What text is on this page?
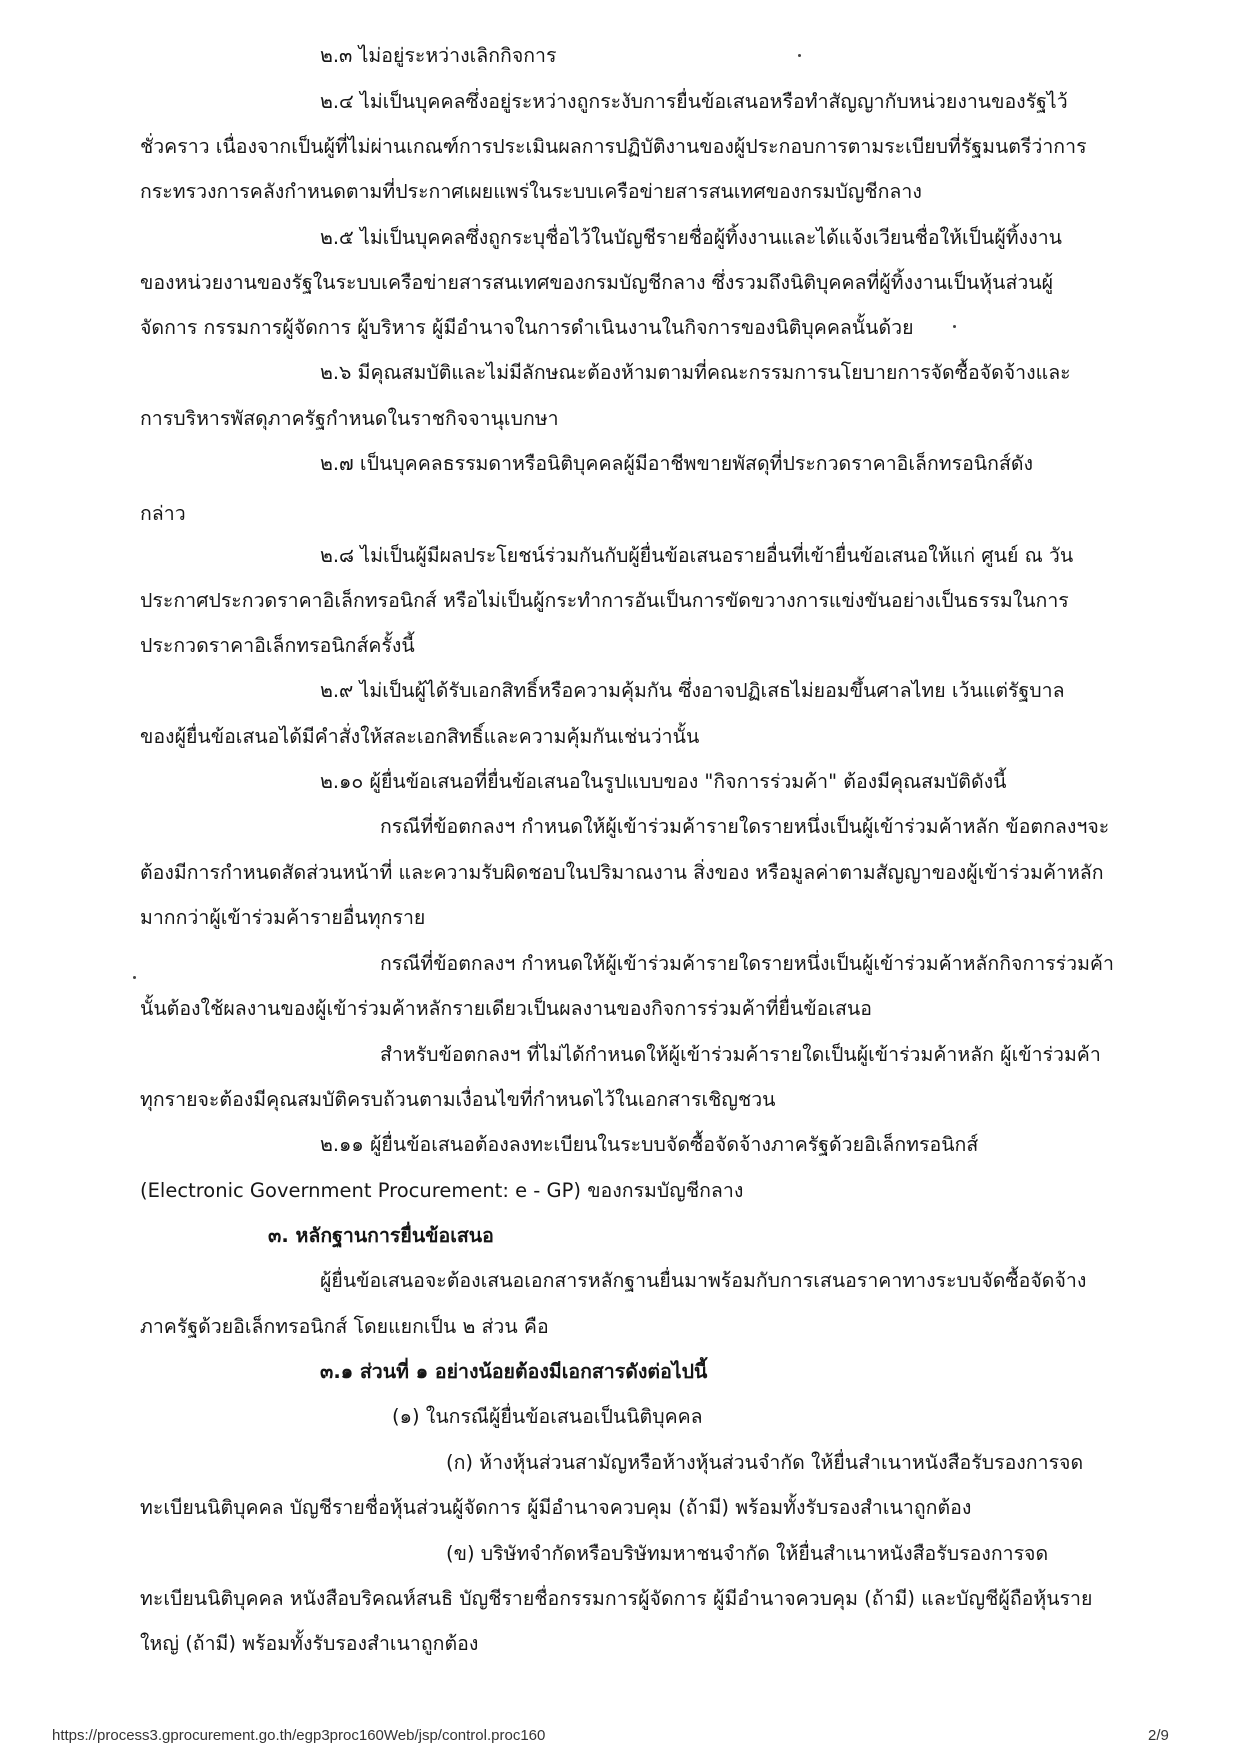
๒.๓ ไม่อยู่ระหว่างเลิกกิจการ
๒.๔ ไม่เป็นบุคคลซึ่งอยู่ระหว่างถูกระงับการยื่นข้อเสนอหรือทำสัญญากับหน่วยงานของรัฐไว้
ชั่วคราว เนื่องจากเป็นผู้ที่ไม่ผ่านเกณฑ์การประเมินผลการปฏิบัติงานของผู้ประกอบการตามระเบียบที่รัฐมนตรีว่าการ
กระทรวงการคลังกำหนดตามที่ประกาศเผยแพร่ในระบบเครือข่ายสารสนเทศของกรมบัญชีกลาง
๒.๕ ไม่เป็นบุคคลซึ่งถูกระบุชื่อไว้ในบัญชีรายชื่อผู้ทิ้งงานและได้แจ้งเวียนชื่อให้เป็นผู้ทิ้งงาน
ของหน่วยงานของรัฐในระบบเครือข่ายสารสนเทศของกรมบัญชีกลาง ซึ่งรวมถึงนิติบุคคลที่ผู้ทิ้งงานเป็นหุ้นส่วนผู้
จัดการ กรรมการผู้จัดการ ผู้บริหาร ผู้มีอำนาจในการดำเนินงานในกิจการของนิติบุคคลนั้นด้วย
๒.๖ มีคุณสมบัติและไม่มีลักษณะต้องห้ามตามที่คณะกรรมการนโยบายการจัดซื้อจัดจ้างและ
การบริหารพัสดุภาครัฐกำหนดในราชกิจจานุเบกษา
๒.๗ เป็นบุคคลธรรมดาหรือนิติบุคคลผู้มีอาชีพขายพัสดุที่ประกวดราคาอิเล็กทรอนิกส์ดัง
กล่าว
๒.๘ ไม่เป็นผู้มีผลประโยชน์ร่วมกันกับผู้ยื่นข้อเสนอรายอื่นที่เข้ายื่นข้อเสนอให้แก่ ศูนย์ ณ วัน
ประกาศประกวดราคาอิเล็กทรอนิกส์ หรือไม่เป็นผู้กระทำการอันเป็นการขัดขวางการแข่งขันอย่างเป็นธรรมในการ
ประกวดราคาอิเล็กทรอนิกส์ครั้งนี้
๒.๙ ไม่เป็นผู้ได้รับเอกสิทธิ์หรือความคุ้มกัน ซึ่งอาจปฏิเสธไม่ยอมขึ้นศาลไทย เว้นแต่รัฐบาล
ของผู้ยื่นข้อเสนอได้มีคำสั่งให้สละเอกสิทธิ์และความคุ้มกันเช่นว่านั้น
๒.๑๐ ผู้ยื่นข้อเสนอที่ยื่นข้อเสนอในรูปแบบของ "กิจการร่วมค้า" ต้องมีคุณสมบัติดังนี้
กรณีที่ข้อตกลงฯ กำหนดให้ผู้เข้าร่วมค้ารายใดรายหนึ่งเป็นผู้เข้าร่วมค้าหลัก ข้อตกลงฯจะ
ต้องมีการกำหนดสัดส่วนหน้าที่ และความรับผิดชอบในปริมาณงาน สิ่งของ หรือมูลค่าตามสัญญาของผู้เข้าร่วมค้าหลัก
มากกว่าผู้เข้าร่วมค้ารายอื่นทุกราย
กรณีที่ข้อตกลงฯ กำหนดให้ผู้เข้าร่วมค้ารายใดรายหนึ่งเป็นผู้เข้าร่วมค้าหลักกิจการร่วมค้า
นั้นต้องใช้ผลงานของผู้เข้าร่วมค้าหลักรายเดียวเป็นผลงานของกิจการร่วมค้าที่ยื่นข้อเสนอ
สำหรับข้อตกลงฯ ที่ไม่ได้กำหนดให้ผู้เข้าร่วมค้ารายใดเป็นผู้เข้าร่วมค้าหลัก ผู้เข้าร่วมค้า
ทุกรายจะต้องมีคุณสมบัติครบถ้วนตามเงื่อนไขที่กำหนดไว้ในเอกสารเชิญชวน
๒.๑๑ ผู้ยื่นข้อเสนอต้องลงทะเบียนในระบบจัดซื้อจัดจ้างภาครัฐด้วยอิเล็กทรอนิกส์
(Electronic Government Procurement: e - GP) ของกรมบัญชีกลาง
๓. หลักฐานการยื่นข้อเสนอ
ผู้ยื่นข้อเสนอจะต้องเสนอเอกสารหลักฐานยื่นมาพร้อมกับการเสนอราคาทางระบบจัดซื้อจัดจ้าง
ภาครัฐด้วยอิเล็กทรอนิกส์ โดยแยกเป็น ๒ ส่วน คือ
๓.๑ ส่วนที่ ๑ อย่างน้อยต้องมีเอกสารดังต่อไปนี้
(๑) ในกรณีผู้ยื่นข้อเสนอเป็นนิติบุคคล
(ก) ห้างหุ้นส่วนสามัญหรือห้างหุ้นส่วนจำกัด ให้ยื่นสำเนาหนังสือรับรองการจด
ทะเบียนนิติบุคคล บัญชีรายชื่อหุ้นส่วนผู้จัดการ ผู้มีอำนาจควบคุม (ถ้ามี) พร้อมทั้งรับรองสำเนาถูกต้อง
(ข) บริษัทจำกัดหรือบริษัทมหาชนจำกัด ให้ยื่นสำเนาหนังสือรับรองการจด
ทะเบียนนิติบุคคล หนังสือบริคณห์สนธิ บัญชีรายชื่อกรรมการผู้จัดการ ผู้มีอำนาจควบคุม (ถ้ามี) และบัญชีผู้ถือหุ้นราย
ใหญ่ (ถ้ามี) พร้อมทั้งรับรองสำเนาถูกต้อง
https://process3.gprocurement.go.th/egp3proc160Web/jsp/control.proc160	2/9
